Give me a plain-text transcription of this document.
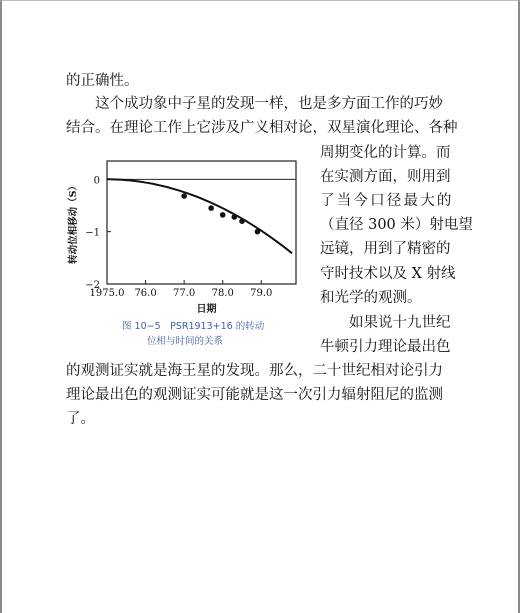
的正确性。
这个成功象中子星的发现一样，也是多方面工作的巧妙
结合。在理论工作上它涉及广义相对论，双星演化理论、各种
周期变化的计算。而
在实测方面，则用到
了当今口径最大的
（直径 300 米）射电望
远镜，用到了精密的
守时技术以及 X 射线
和光学的观测。
如果说十九世纪
牛顿引力理论最出色
的观测证实就是海王星的发现。那么，二十世纪相对论引力
理论最出色的观测证实可能就是这一次引力辐射阻尼的监测
了。
1975.0 76.0 77.0 78.0 79.0
0
−1
−2
日期
转动位相移动（S）
图 10−5　PSR1913+16 的转动
位相与时间的关系
